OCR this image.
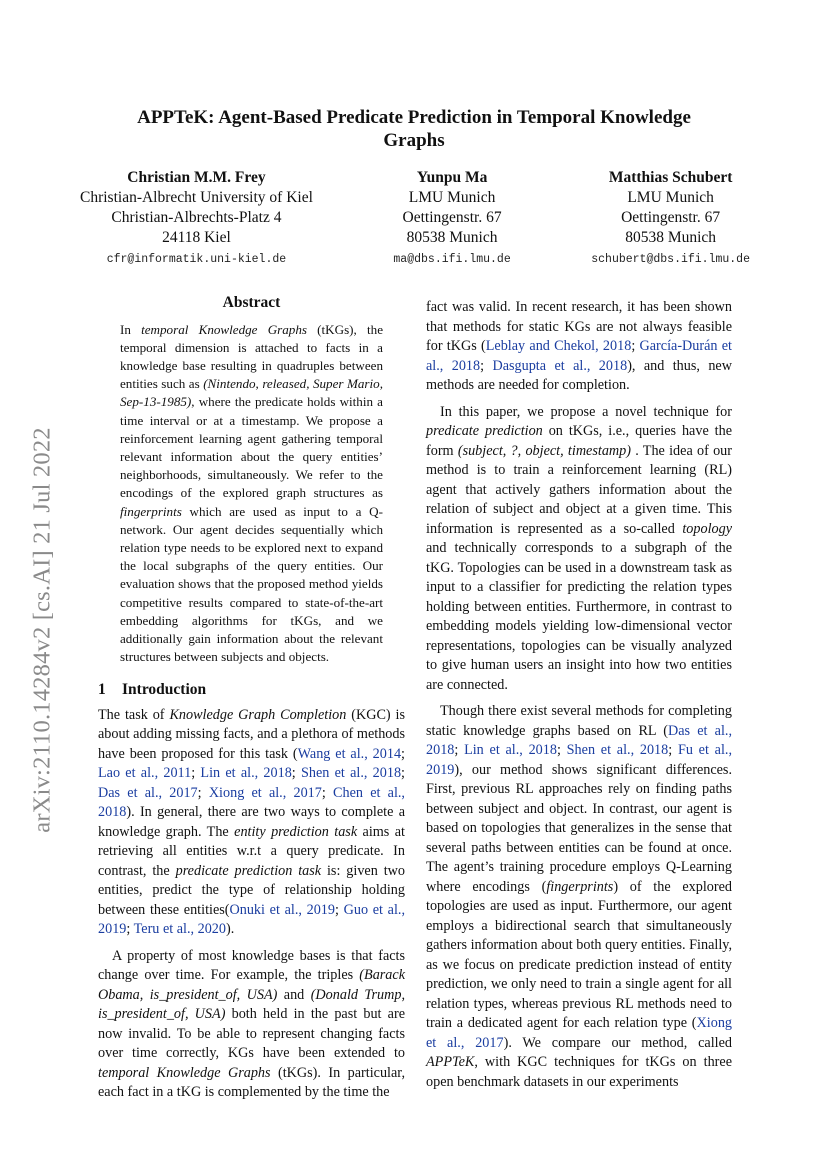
arXiv:2110.14284v2 [cs.AI] 21 Jul 2022
APPTeK: Agent-Based Predicate Prediction in Temporal Knowledge Graphs
Christian M.M. Frey
Christian-Albrecht University of Kiel
Christian-Albrechts-Platz 4
24118 Kiel
cfr@informatik.uni-kiel.de
Yunpu Ma
LMU Munich
Oettingenstr. 67
80538 Munich
ma@dbs.ifi.lmu.de
Matthias Schubert
LMU Munich
Oettingenstr. 67
80538 Munich
schubert@dbs.ifi.lmu.de
Abstract
In temporal Knowledge Graphs (tKGs), the temporal dimension is attached to facts in a knowledge base resulting in quadruples between entities such as (Nintendo, released, Super Mario, Sep-13-1985), where the predicate holds within a time interval or at a timestamp. We propose a reinforcement learning agent gathering temporal relevant information about the query entities’ neighborhoods, simultaneously. We refer to the encodings of the explored graph structures as fingerprints which are used as input to a Q-network. Our agent decides sequentially which relation type needs to be explored next to expand the local subgraphs of the query entities. Our evaluation shows that the proposed method yields competitive results compared to state-of-the-art embedding algorithms for tKGs, and we additionally gain information about the relevant structures between subjects and objects.
1 Introduction

The task of Knowledge Graph Completion (KGC) is about adding missing facts, and a plethora of methods have been proposed for this task (Wang et al., 2014; Lao et al., 2011; Lin et al., 2018; Shen et al., 2018; Das et al., 2017; Xiong et al., 2017; Chen et al., 2018). In general, there are two ways to complete a knowledge graph. The entity prediction task aims at retrieving all entities w.r.t a query predicate. In contrast, the predicate prediction task is: given two entities, predict the type of relationship holding between these entities(Onuki et al., 2019; Guo et al., 2019; Teru et al., 2020).

A property of most knowledge bases is that facts change over time. For example, the triples (Barack Obama, is_president_of, USA) and (Donald Trump, is_president_of, USA) both held in the past but are now invalid. To be able to represent changing facts over time correctly, KGs have been extended to temporal Knowledge Graphs (tKGs). In particular, each fact in a tKG is complemented by the time the

fact was valid. In recent research, it has been shown that methods for static KGs are not always feasible for tKGs (Leblay and Chekol, 2018; García-Durán et al., 2018; Dasgupta et al., 2018), and thus, new methods are needed for completion.

In this paper, we propose a novel technique for predicate prediction on tKGs, i.e., queries have the form (subject, ?, object, timestamp) . The idea of our method is to train a reinforcement learning (RL) agent that actively gathers information about the relation of subject and object at a given time. This information is represented as a so-called topology and technically corresponds to a subgraph of the tKG. Topologies can be used in a downstream task as input to a classifier for predicting the relation types holding between entities. Furthermore, in contrast to embedding models yielding low-dimensional vector representations, topologies can be visually analyzed to give human users an insight into how two entities are connected.

Though there exist several methods for completing static knowledge graphs based on RL (Das et al., 2018; Lin et al., 2018; Shen et al., 2018; Fu et al., 2019), our method shows significant differences. First, previous RL approaches rely on finding paths between subject and object. In contrast, our agent is based on topologies that generalizes in the sense that several paths between entities can be found at once. The agent’s training procedure employs Q-Learning where encodings (fingerprints) of the explored topologies are used as input. Furthermore, our agent employs a bidirectional search that simultaneously gathers information about both query entities. Finally, as we focus on predicate prediction instead of entity prediction, we only need to train a single agent for all relation types, whereas previous RL methods need to train a dedicated agent for each relation type (Xiong et al., 2017). We compare our method, called APPTeK, with KGC techniques for tKGs on three open benchmark datasets in our experiments
